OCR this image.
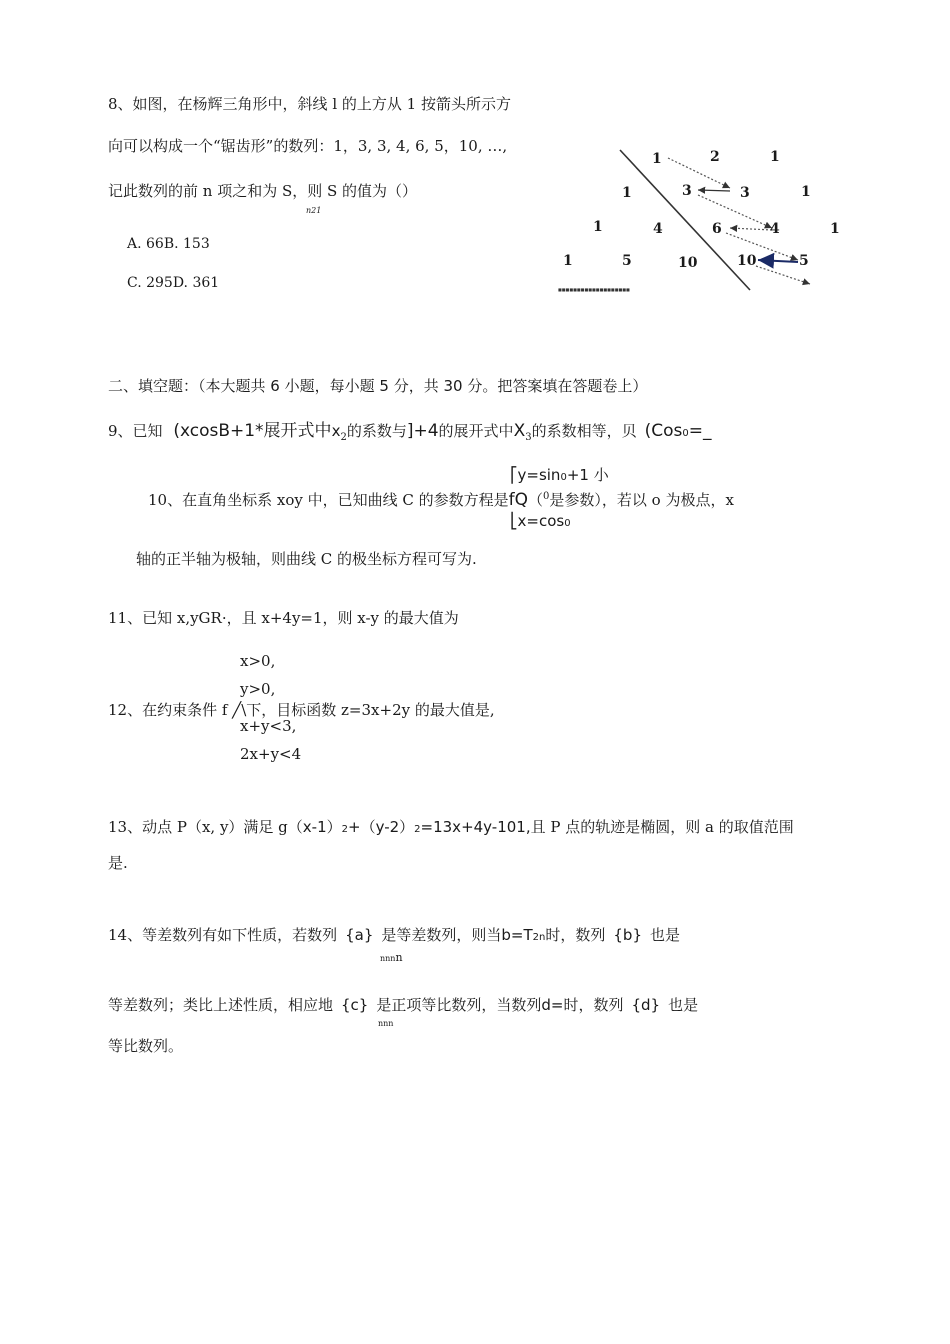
8、如图，在杨辉三角形中，斜线 l 的上方从 1 按箭头所示方
向可以构成一个“锯齿形”的数列：1，3, 3, 4, 6, 5，10, …,
记此数列的前 n 项之和为 S，则 S 的值为（）
n21
A. 66B. 153
C. 295D. 361
1	2	1
1	3	3	1
1	4	6	4	1
1	5	10	10	5
■■■■■■■■■■■■■■■■■■■
二、填空题：（本大题共 6 小题，每小题 5 分，共 30 分。把答案填在答题卷上）
9、已知 (xcosB+1*展开式中$x_2$的系数与]+4的展开式中$X_3$的系数相等，贝 (Cos0=_
⎡y=sin0+1 小
10、在直角坐标系 xoy 中，已知曲线 C 的参数方程是fQ（$^0$是参数），若以 o 为极点，x
⎣x=cos0
轴的正半轴为极轴，则曲线 C 的极坐标方程可写为.
11、已知 x,yGR·，且 x+4y=1，则 x-y 的最大值为
x>0,
y>0,
12、在约束条件 f ╱\下，目标函数 z=3x+2y 的最大值是,
x+y<3,
2x+y<4
13、动点 P（x, y）满足 g（x-1）2+（y-2）2=13x+4y-101,且 P 点的轨迹是椭圆，则 a 的取值范围
是.
14、等差数列有如下性质，若数列 {a} 是等差数列，则当b=T2n时，数列 {b} 也是
nnnn
等差数列；类比上述性质，相应地 {c} 是正项等比数列，当数列d=时，数列 {d} 也是
nnn
等比数列。
